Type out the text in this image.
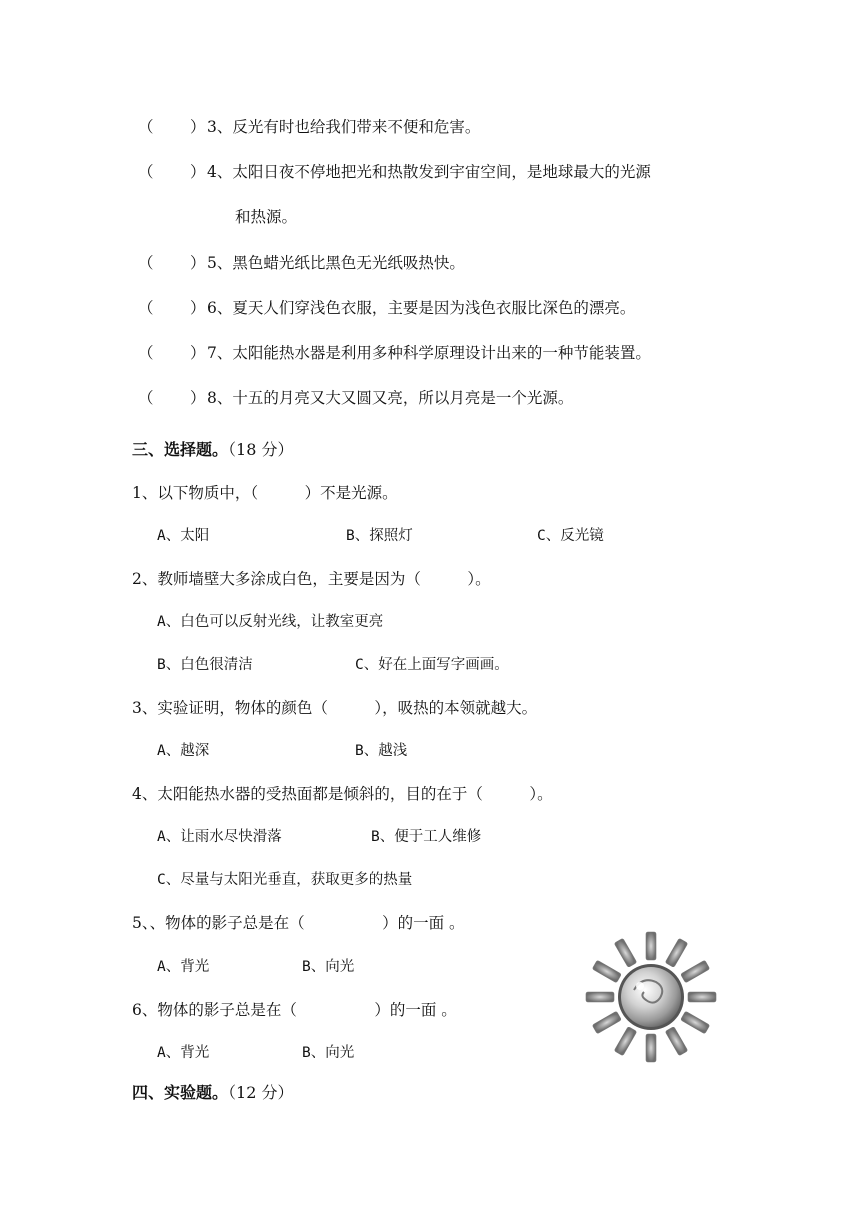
（ ） 3、反光有时也给我们带来不便和危害。
（ ） 4、太阳日夜不停地把光和热散发到宇宙空间，是地球最大的光源
和热源。
（ ） 5、黑色蜡光纸比黑色无光纸吸热快。
（ ） 6、夏天人们穿浅色衣服，主要是因为浅色衣服比深色的漂亮。
（ ） 7、太阳能热水器是利用多种科学原理设计出来的一种节能装置。
（ ） 8、十五的月亮又大又圆又亮，所以月亮是一个光源。
三、选择题。（18 分）
1、以下物质中，（　　　）不是光源。
A、太阳	B、探照灯	C、反光镜
2、教师墙壁大多涂成白色，主要是因为（　　　）。
A、白色可以反射光线，让教室更亮
B、白色很清洁	C、好在上面写字画画。
3、实验证明，物体的颜色（　　　），吸热的本领就越大。
A、越深	B、越浅
4、太阳能热水器的受热面都是倾斜的，目的在于（　　　）。
A、让雨水尽快滑落	B、便于工人维修
C、尽量与太阳光垂直，获取更多的热量
5、、物体的影子总是在（　　　　　）的一面 。
A、背光	B、向光
6、物体的影子总是在（　　　　　）的一面 。
A、背光	B、向光
四、实验题。（12 分）
